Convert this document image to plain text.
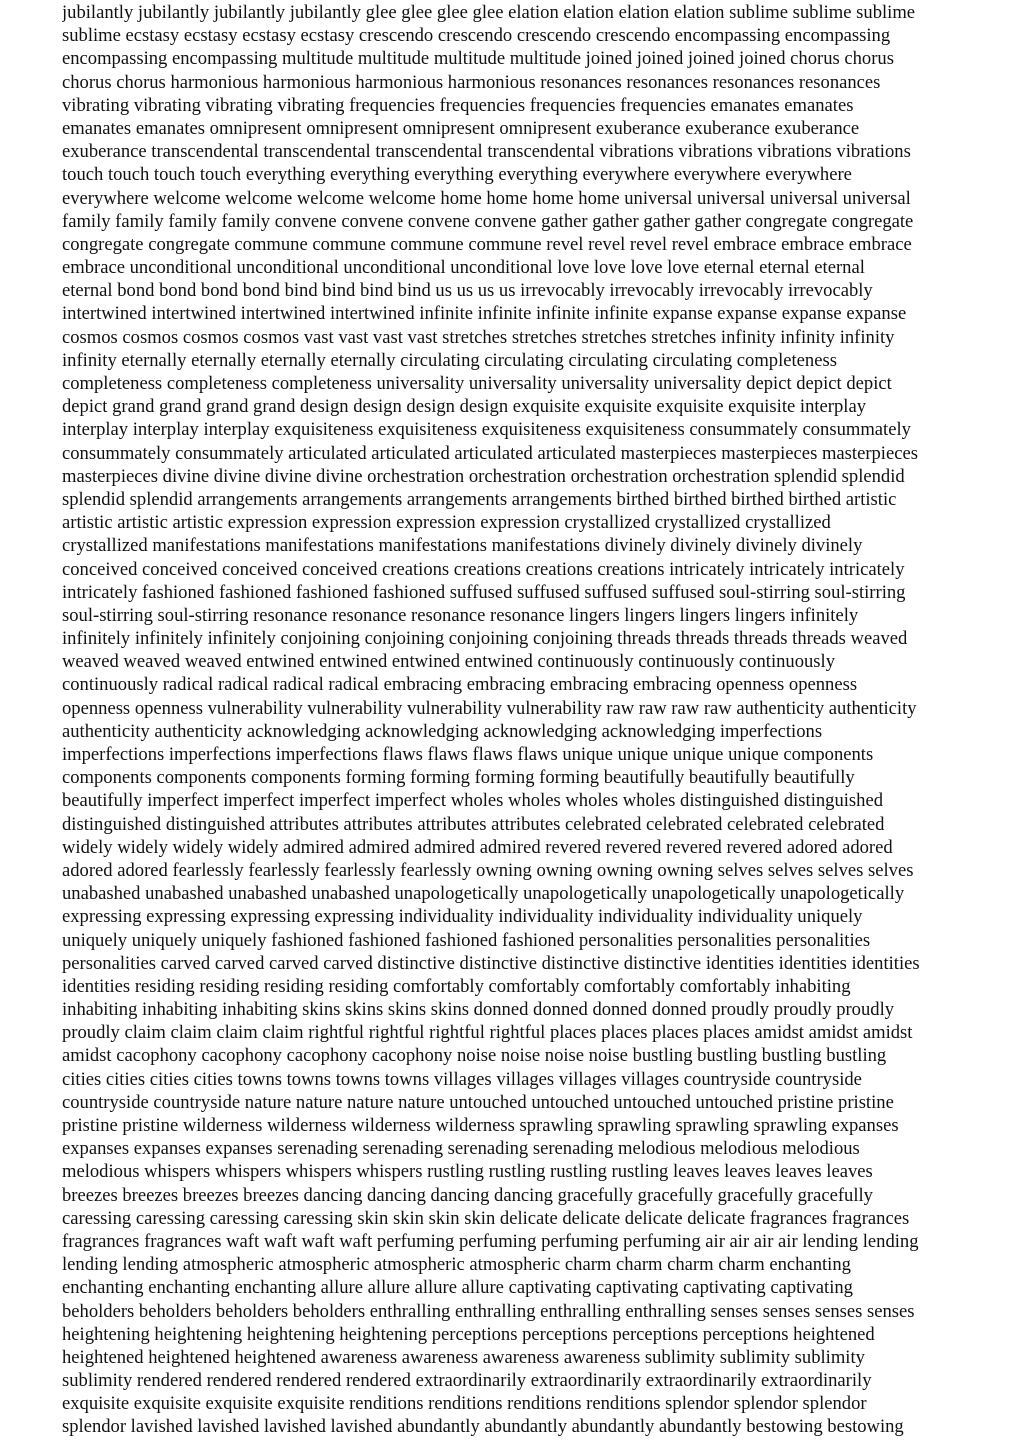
jubilantly jubilantly jubilantly jubilantly glee glee glee glee elation elation elation elation sublime sublime sublime

sublime ecstasy ecstasy ecstasy ecstasy crescendo crescendo crescendo crescendo encompassing encompassing

encompassing encompassing multitude multitude multitude multitude joined joined joined joined chorus chorus

chorus chorus harmonious harmonious harmonious harmonious resonances resonances resonances resonances

vibrating vibrating vibrating vibrating frequencies frequencies frequencies frequencies emanates emanates

emanates emanates omnipresent omnipresent omnipresent omnipresent exuberance exuberance exuberance

exuberance transcendental transcendental transcendental transcendental vibrations vibrations vibrations vibrations

touch touch touch touch everything everything everything everything everywhere everywhere everywhere

everywhere welcome welcome welcome welcome home home home home universal universal universal universal

family family family family convene convene convene convene gather gather gather gather congregate congregate

congregate congregate commune commune commune commune revel revel revel revel embrace embrace embrace

embrace unconditional unconditional unconditional unconditional love love love love eternal eternal eternal

eternal bond bond bond bond bind bind bind bind us us us us irrevocably irrevocably irrevocably irrevocably

intertwined intertwined intertwined intertwined infinite infinite infinite infinite expanse expanse expanse expanse

cosmos cosmos cosmos cosmos vast vast vast vast stretches stretches stretches stretches infinity infinity infinity

infinity eternally eternally eternally eternally circulating circulating circulating circulating completeness

completeness completeness completeness universality universality universality universality depict depict depict

depict grand grand grand grand design design design design exquisite exquisite exquisite exquisite interplay

interplay interplay interplay exquisiteness exquisiteness exquisiteness exquisiteness consummately consummately

consummately consummately articulated articulated articulated articulated masterpieces masterpieces masterpieces

masterpieces divine divine divine divine orchestration orchestration orchestration orchestration splendid splendid

splendid splendid arrangements arrangements arrangements arrangements birthed birthed birthed birthed artistic

artistic artistic artistic expression expression expression expression crystallized crystallized crystallized

crystallized manifestations manifestations manifestations manifestations divinely divinely divinely divinely

conceived conceived conceived conceived creations creations creations creations intricately intricately intricately

intricately fashioned fashioned fashioned fashioned suffused suffused suffused suffused soul-stirring soul-stirring

soul-stirring soul-stirring resonance resonance resonance resonance lingers lingers lingers lingers infinitely

infinitely infinitely infinitely conjoining conjoining conjoining conjoining threads threads threads threads weaved

weaved weaved weaved entwined entwined entwined entwined continuously continuously continuously

continuously radical radical radical radical embracing embracing embracing embracing openness openness

openness openness vulnerability vulnerability vulnerability vulnerability raw raw raw raw authenticity authenticity

authenticity authenticity acknowledging acknowledging acknowledging acknowledging imperfections

imperfections imperfections imperfections flaws flaws flaws flaws unique unique unique unique components

components components components forming forming forming forming beautifully beautifully beautifully

beautifully imperfect imperfect imperfect imperfect wholes wholes wholes wholes distinguished distinguished

distinguished distinguished attributes attributes attributes attributes celebrated celebrated celebrated celebrated

widely widely widely widely admired admired admired admired revered revered revered revered adored adored

adored adored fearlessly fearlessly fearlessly fearlessly owning owning owning owning selves selves selves selves

unabashed unabashed unabashed unabashed unapologetically unapologetically unapologetically unapologetically

expressing expressing expressing expressing individuality individuality individuality individuality uniquely

uniquely uniquely uniquely fashioned fashioned fashioned fashioned personalities personalities personalities

personalities carved carved carved carved distinctive distinctive distinctive distinctive identities identities identities

identities residing residing residing residing comfortably comfortably comfortably comfortably inhabiting

inhabiting inhabiting inhabiting skins skins skins skins donned donned donned donned proudly proudly proudly

proudly claim claim claim claim rightful rightful rightful rightful places places places places amidst amidst amidst

amidst cacophony cacophony cacophony cacophony noise noise noise noise bustling bustling bustling bustling

cities cities cities cities towns towns towns towns villages villages villages villages countryside countryside

countryside countryside nature nature nature nature untouched untouched untouched untouched pristine pristine

pristine pristine wilderness wilderness wilderness wilderness sprawling sprawling sprawling sprawling expanses

expanses expanses expanses serenading serenading serenading serenading melodious melodious melodious

melodious whispers whispers whispers whispers rustling rustling rustling rustling leaves leaves leaves leaves

breezes breezes breezes breezes dancing dancing dancing dancing gracefully gracefully gracefully gracefully

caressing caressing caressing caressing skin skin skin skin delicate delicate delicate delicate fragrances fragrances

fragrances fragrances waft waft waft waft perfuming perfuming perfuming perfuming air air air air lending lending

lending lending atmospheric atmospheric atmospheric atmospheric charm charm charm charm enchanting

enchanting enchanting enchanting allure allure allure allure captivating captivating captivating captivating

beholders beholders beholders beholders enthralling enthralling enthralling enthralling senses senses senses senses

heightening heightening heightening heightening perceptions perceptions perceptions perceptions heightened

heightened heightened heightened awareness awareness awareness awareness sublimity sublimity sublimity

sublimity rendered rendered rendered rendered extraordinarily extraordinarily extraordinarily extraordinarily

exquisite exquisite exquisite exquisite renditions renditions renditions renditions splendor splendor splendor

splendor lavished lavished lavished lavished abundantly abundantly abundantly abundantly bestowing bestowing
